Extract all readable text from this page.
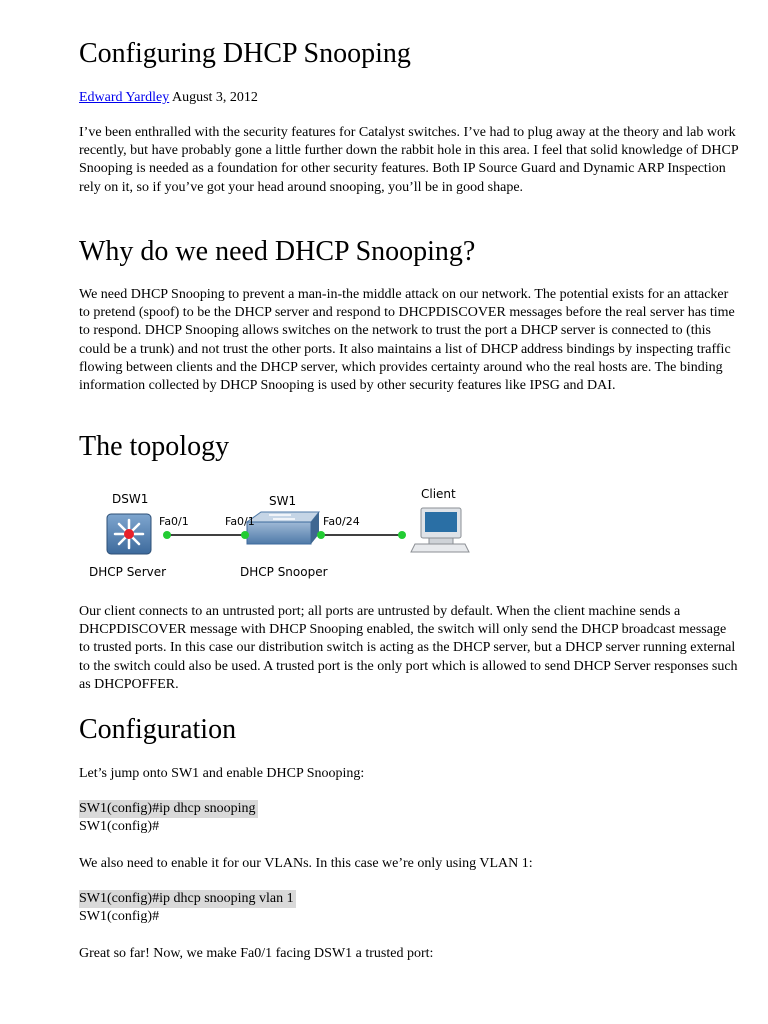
Configuring DHCP Snooping
Edward Yardley August 3, 2012

I’ve been enthralled with the security features for Catalyst switches. I’ve had to plug away at the theory and lab work recently, but have probably gone a little further down the rabbit hole in this area. I feel that solid knowledge of DHCP Snooping is needed as a foundation for other security features. Both IP Source Guard and Dynamic ARP Inspection rely on it, so if you’ve got your head around snooping, you’ll be in good shape.

Why do we need DHCP Snooping?

We need DHCP Snooping to prevent a man-in-the middle attack on our network. The potential exists for an attacker to pretend (spoof) to be the DHCP server and respond to DHCPDISCOVER messages before the real server has time to respond. DHCP Snooping allows switches on the network to trust the port a DHCP server is connected to (this could be a trunk) and not trust the other ports. It also maintains a list of DHCP address bindings by inspecting traffic flowing between clients and the DHCP server, which provides certainty around who the real hosts are. The binding information collected by DHCP Snooping is used by other security features like IPSG and DAI.

The topology
DSW1	SW1	Client
Fa0/1	Fa0/1	Fa0/24
DHCP Server	DHCP Snooper

Our client connects to an untrusted port; all ports are untrusted by default. When the client machine sends a DHCPDISCOVER message with DHCP Snooping enabled, the switch will only send the DHCP broadcast message to trusted ports. In this case our distribution switch is acting as the DHCP server, but a DHCP server running external to the switch could also be used. A trusted port is the only port which is allowed to send DHCP Server responses such as DHCPOFFER.

Configuration
Let’s jump onto SW1 and enable DHCP Snooping:
SW1(config)#ip dhcp snooping
SW1(config)#
We also need to enable it for our VLANs. In this case we’re only using VLAN 1:
SW1(config)#ip dhcp snooping vlan 1
SW1(config)#
Great so far! Now, we make Fa0/1 facing DSW1 a trusted port:
